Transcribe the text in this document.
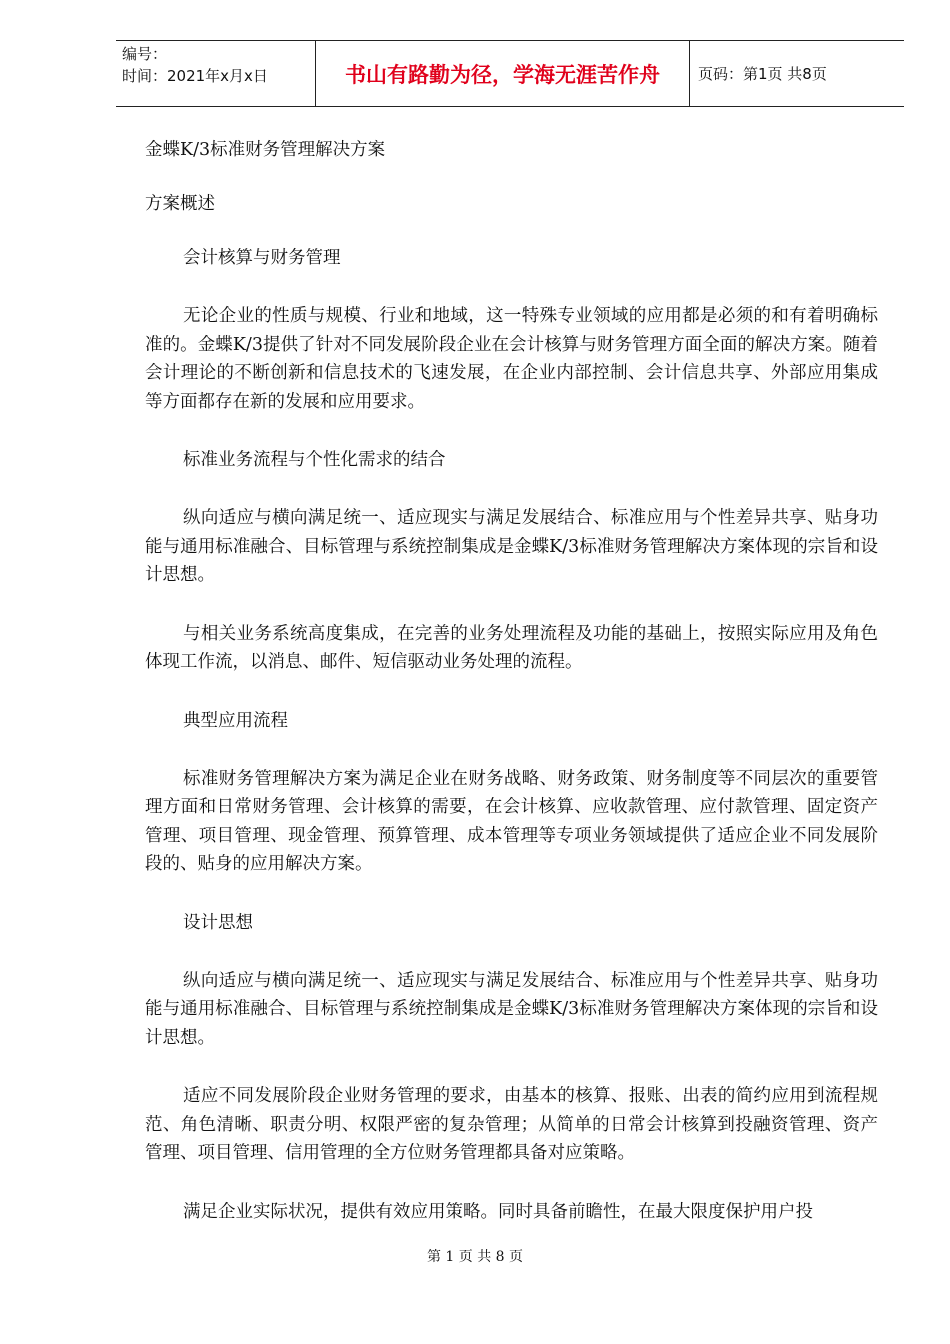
编号：
时间：2021年x月x日	书山有路勤为径，学海无涯苦作舟	页码：第1页 共8页
金蝶K/3标准财务管理解决方案
方案概述
会计核算与财务管理
无论企业的性质与规模、行业和地域，这一特殊专业领域的应用都是必须的和有着明确标准的。金蝶K/3提供了针对不同发展阶段企业在会计核算与财务管理方面全面的解决方案。随着会计理论的不断创新和信息技术的飞速发展，在企业内部控制、会计信息共享、外部应用集成等方面都存在新的发展和应用要求。
标准业务流程与个性化需求的结合
纵向适应与横向满足统一、适应现实与满足发展结合、标准应用与个性差异共享、贴身功能与通用标准融合、目标管理与系统控制集成是金蝶K/3标准财务管理解决方案体现的宗旨和设计思想。
与相关业务系统高度集成，在完善的业务处理流程及功能的基础上，按照实际应用及角色体现工作流，以消息、邮件、短信驱动业务处理的流程。
典型应用流程
标准财务管理解决方案为满足企业在财务战略、财务政策、财务制度等不同层次的重要管理方面和日常财务管理、会计核算的需要，在会计核算、应收款管理、应付款管理、固定资产管理、项目管理、现金管理、预算管理、成本管理等专项业务领域提供了适应企业不同发展阶段的、贴身的应用解决方案。
设计思想
纵向适应与横向满足统一、适应现实与满足发展结合、标准应用与个性差异共享、贴身功能与通用标准融合、目标管理与系统控制集成是金蝶K/3标准财务管理解决方案体现的宗旨和设计思想。
适应不同发展阶段企业财务管理的要求，由基本的核算、报账、出表的简约应用到流程规范、角色清晰、职责分明、权限严密的复杂管理；从简单的日常会计核算到投融资管理、资产管理、项目管理、信用管理的全方位财务管理都具备对应策略。
满足企业实际状况，提供有效应用策略。同时具备前瞻性，在最大限度保护用户投
第 1 页 共 8 页
